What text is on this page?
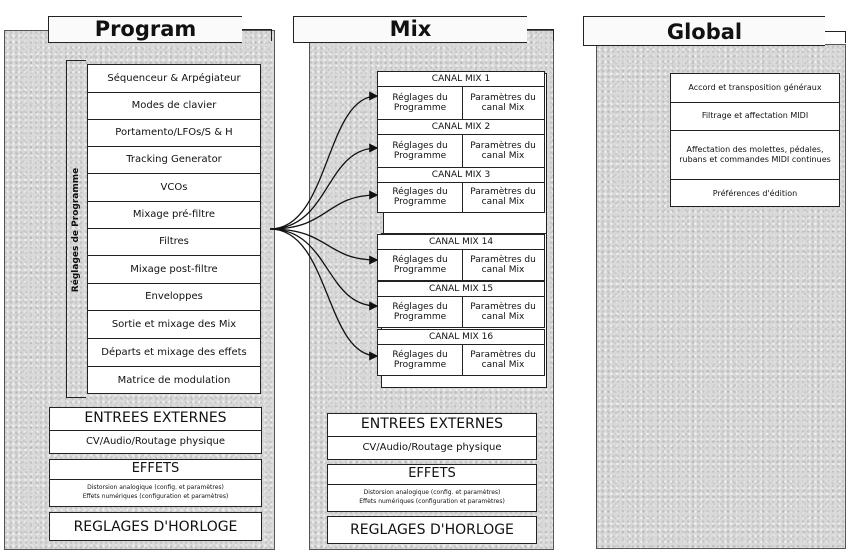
Program
Réglages de Programme
Séquenceur & Arpégiateur
Modes de clavier
Portamento/LFOs/S & H
Tracking Generator
VCOs
Mixage pré-filtre
Filtres
Mixage post-filtre
Enveloppes
Sortie et mixage des Mix
Départs et mixage des effets
Matrice de modulation
ENTREES EXTERNES
CV/Audio/Routage physique
EFFETS
Distorsion analogique (config. et paramètres)
Effets numériques (configuration et paramètres)
REGLAGES D'HORLOGE
Mix
CANAL MIX 1
Réglages du Programme
Paramètres du canal Mix
CANAL MIX 2
Réglages du Programme
Paramètres du canal Mix
CANAL MIX 3
Réglages du Programme
Paramètres du canal Mix
CANAL MIX 14
Réglages du Programme
Paramètres du canal Mix
CANAL MIX 15
Réglages du Programme
Paramètres du canal Mix
CANAL MIX 16
Réglages du Programme
Paramètres du canal Mix
ENTREES EXTERNES
CV/Audio/Routage physique
EFFETS
Distorsion analogique (config. et paramètres)
Effets numériques (configuration et paramètres)
REGLAGES D'HORLOGE
Global
Accord et transposition généraux
Filtrage et affectation MIDI
Affectation des molettes, pédales, rubans et commandes MIDI continues
Préférences d'édition
